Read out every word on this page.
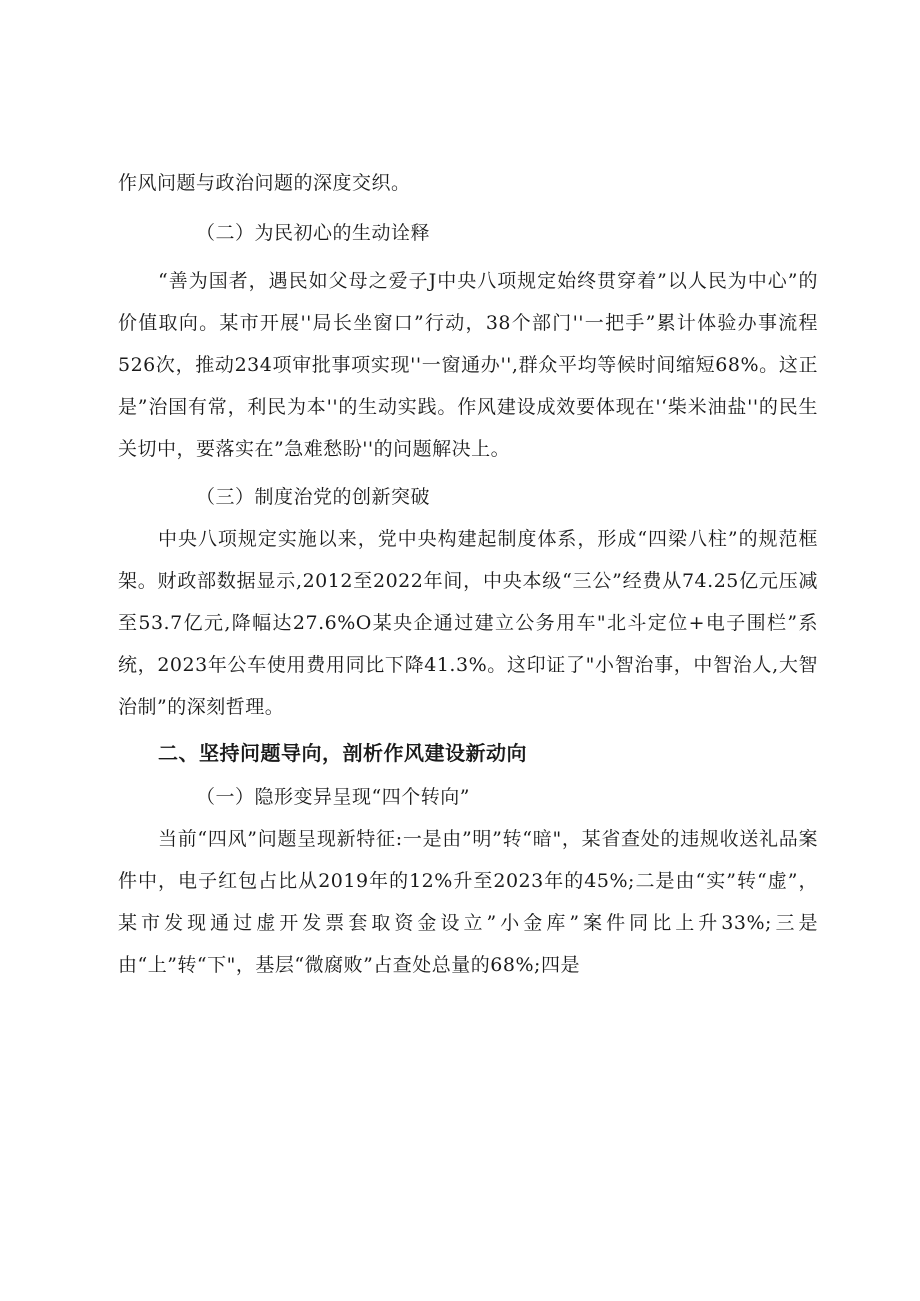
作风问题与政治问题的深度交织。

（二）为民初心的生动诠释

“善为国者，遇民如父母之爱子J中央八项规定始终贯穿着”以人民为中心”的价值取向。某市开展''局长坐窗口”行动，38个部门''一把手”累计体验办事流程526次，推动234项审批事项实现''一窗通办'',群众平均等候时间缩短68%。这正是”治国有常，利民为本''的生动实践。作风建设成效要体现在'‘柴米油盐''的民生关切中，要落实在”急难愁盼''的问题解决上。

（三）制度治党的创新突破

中央八项规定实施以来，党中央构建起制度体系，形成“四梁八柱”的规范框架。财政部数据显示,2012至2022年间，中央本级“三公”经费从74.25亿元压减至53.7亿元,降幅达27.6%O某央企通过建立公务用车"北斗定位+电子围栏”系统，2023年公车使用费用同比下降41.3%。这印证了"小智治事，中智治人,大智治制”的深刻哲理。

二、坚持问题导向，剖析作风建设新动向

（一）隐形变异呈现“四个转向”

当前“四风”问题呈现新特征:一是由”明”转“暗"，某省查处的违规收送礼品案件中，电子红包占比从2019年的12%升至2023年的45%;二是由“实”转“虚”，某市发现通过虚开发票套取资金设立”小金库”案件同比上升33%;三是由“上”转“下"，基层“微腐败”占查处总量的68%;四是
